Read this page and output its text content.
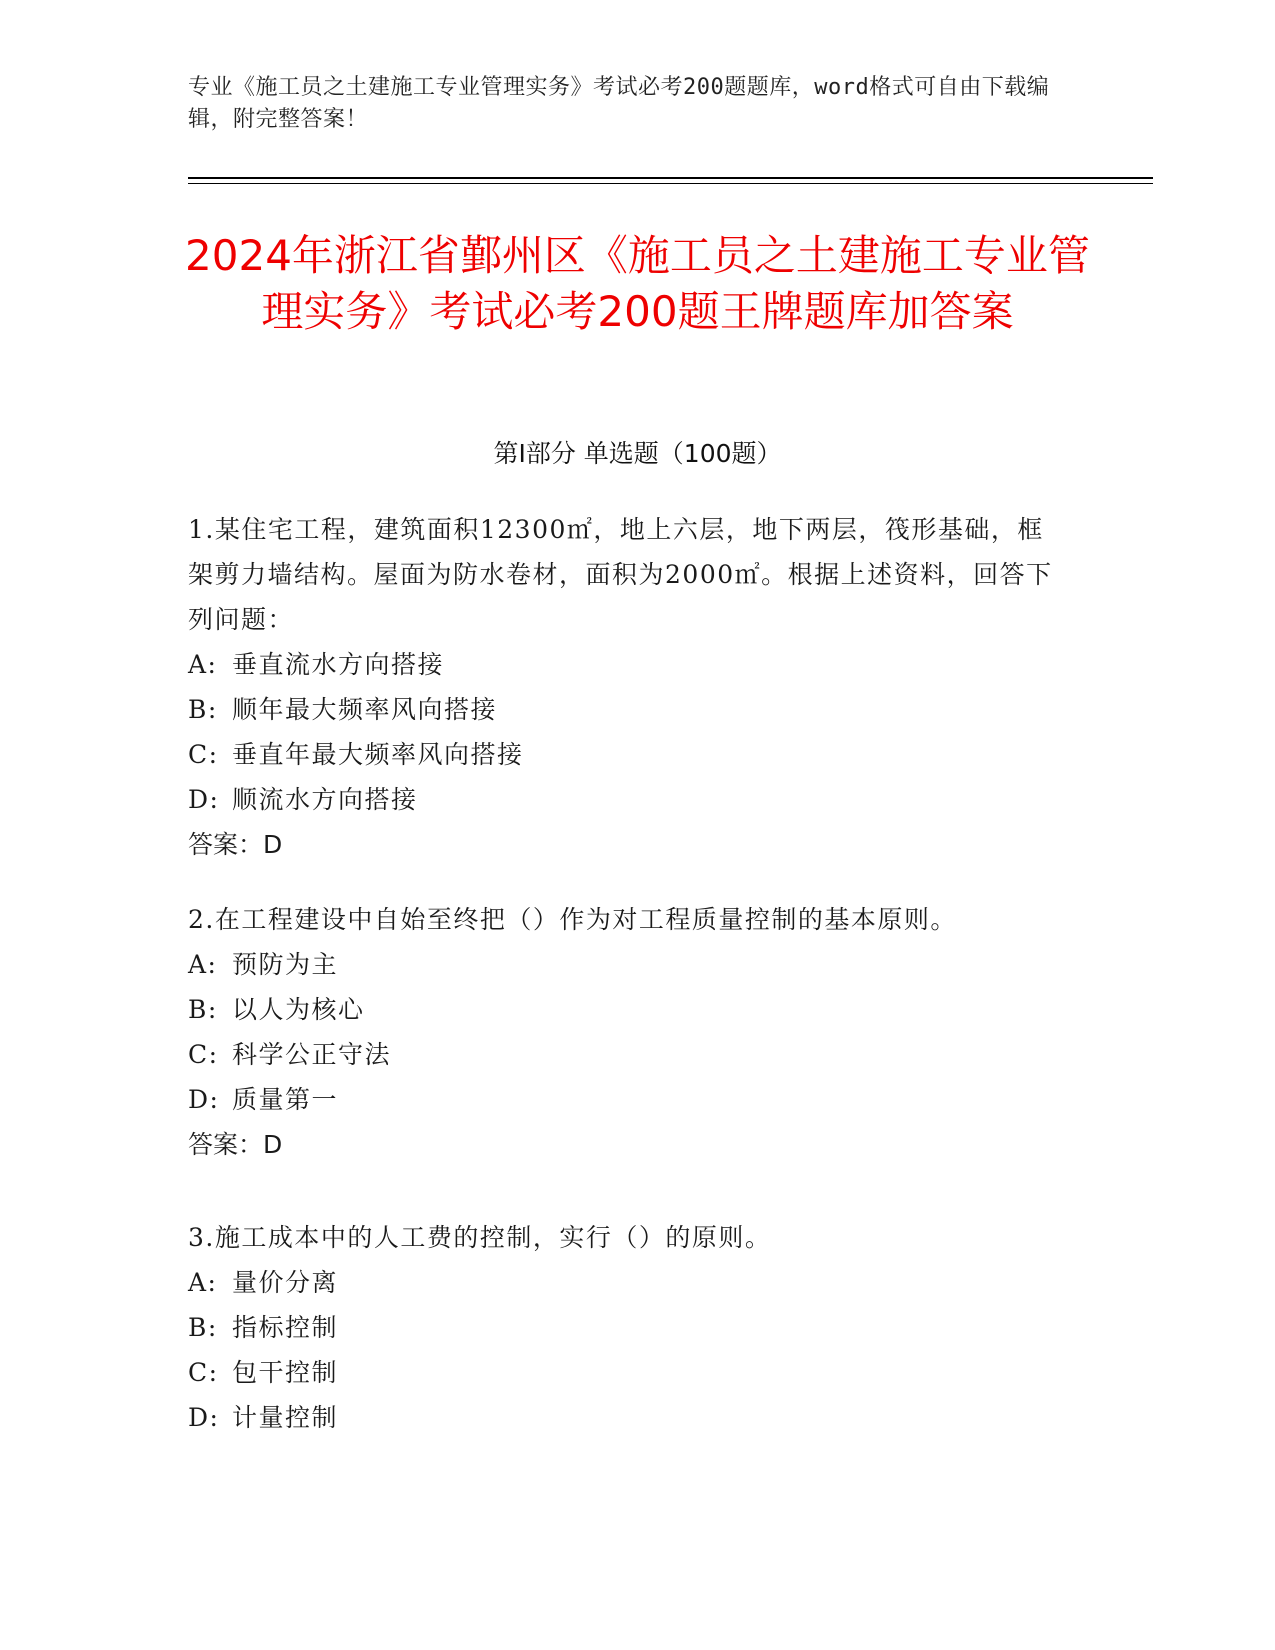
专业《施工员之土建施工专业管理实务》考试必考200题题库，word格式可自由下载编辑，附完整答案！
2024年浙江省鄞州区《施工员之土建施工专业管理实务》考试必考200题王牌题库加答案
第Ⅰ部分 单选题（100题）

1.某住宅工程，建筑面积12300㎡，地上六层，地下两层，筏形基础，框架剪力墙结构。屋面为防水卷材，面积为2000㎡。根据上述资料，回答下列问题：

A: 垂直流水方向搭接

B: 顺年最大频率风向搭接

C: 垂直年最大频率风向搭接

D: 顺流水方向搭接

答案：D

2.在工程建设中自始至终把（）作为对工程质量控制的基本原则。

A: 预防为主

B: 以人为核心

C: 科学公正守法

D: 质量第一

答案：D

3.施工成本中的人工费的控制，实行（）的原则。

A: 量价分离

B: 指标控制

C: 包干控制

D: 计量控制
